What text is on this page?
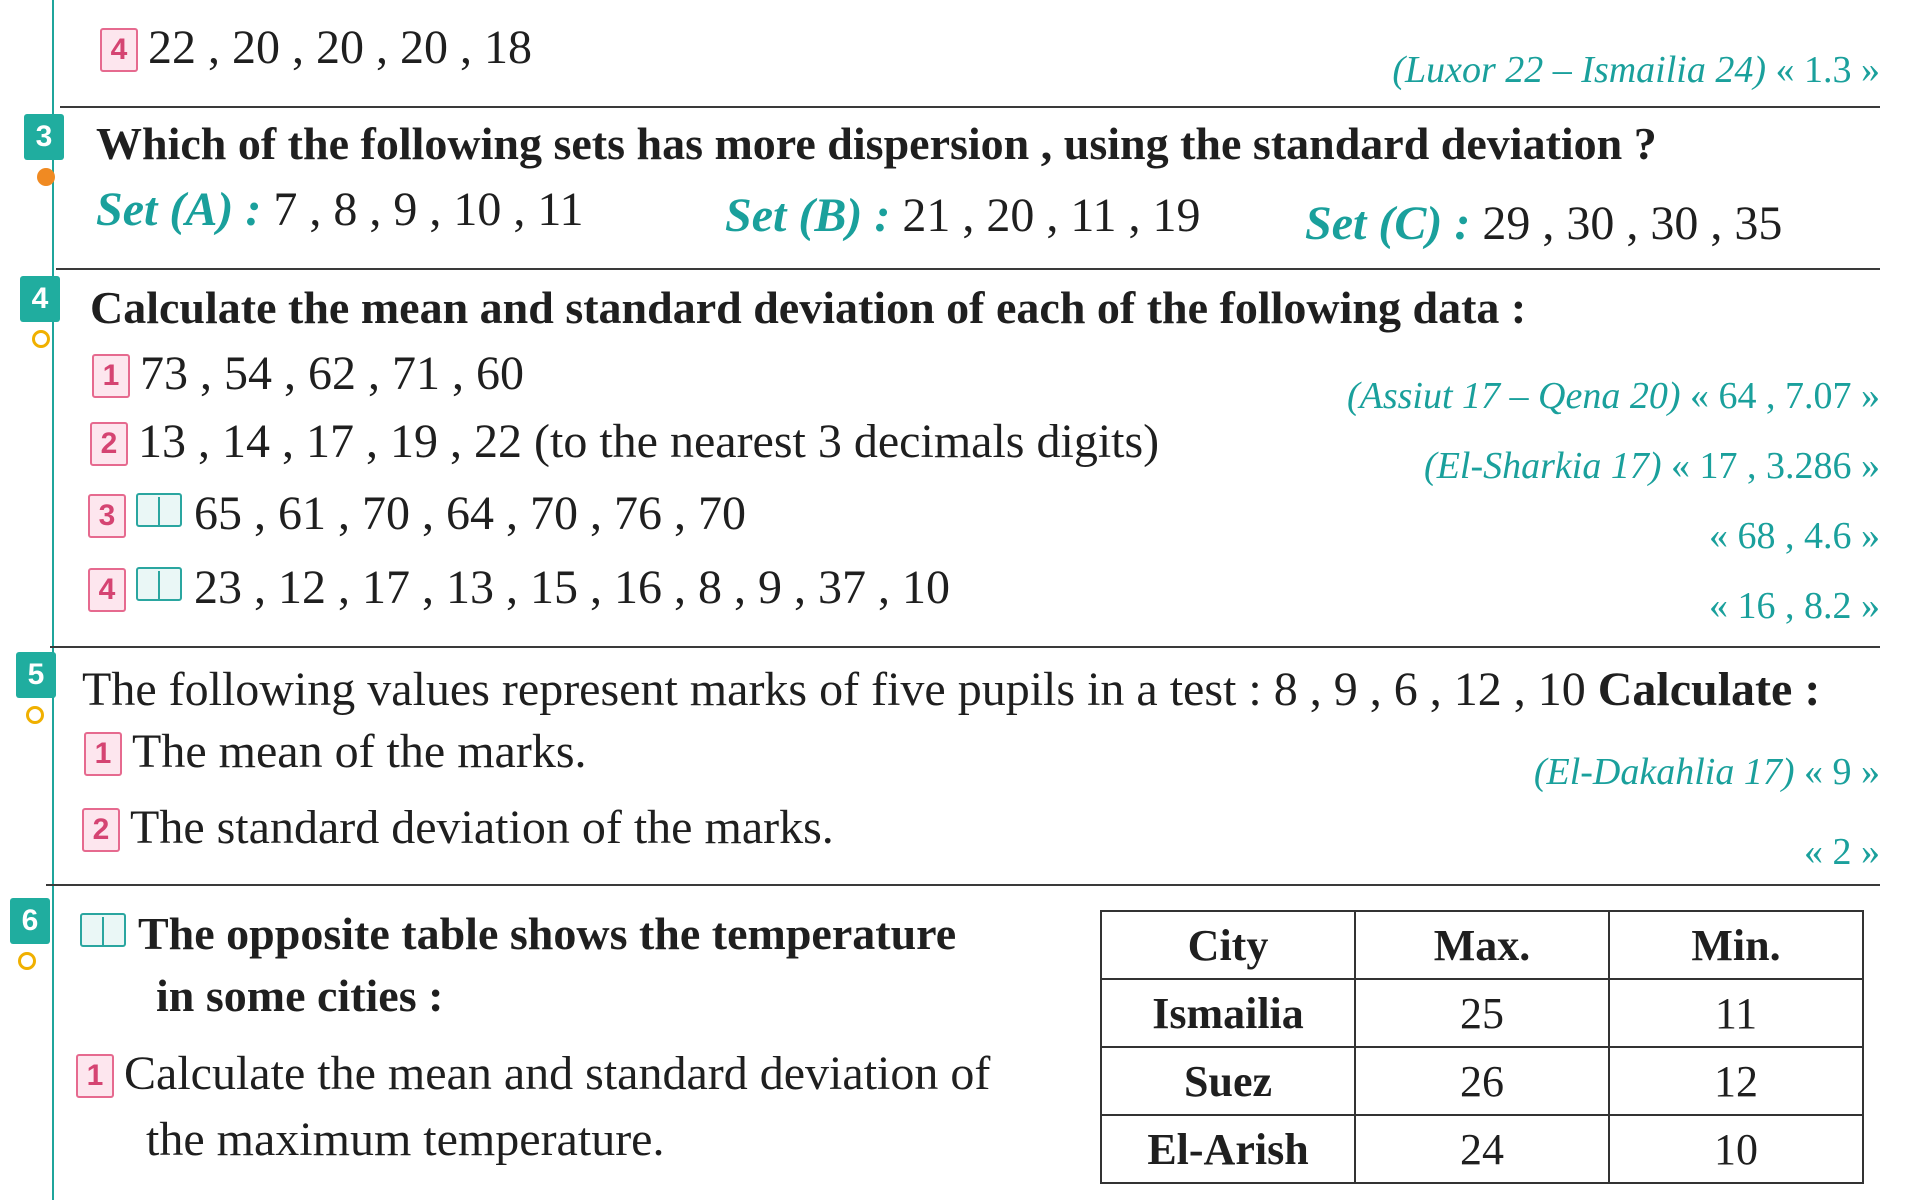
4 22 , 20 , 20 , 20 , 18	(Luxor 22 – Ismailia 24) « 1.3 »
3 Which of the following sets has more dispersion , using the standard deviation ?
Set (A) : 7 , 8 , 9 , 10 , 11	Set (B) : 21 , 20 , 11 , 19 Set (C) : 29 , 30 , 30 , 35
4 Calculate the mean and standard deviation of each of the following data :
1 73 , 54 , 62 , 71 , 60	(Assiut 17 – Qena 20) « 64 , 7.07 »
2 13 , 14 , 17 , 19 , 22 (to the nearest 3 decimals digits)	(El-Sharkia 17) « 17 , 3.286 »
3 65 , 61 , 70 , 64 , 70 , 76 , 70	« 68 , 4.6 »
4 23 , 12 , 17 , 13 , 15 , 16 , 8 , 9 , 37 , 10	« 16 , 8.2 »
5 The following values represent marks of five pupils in a test : 8 , 9 , 6 , 12 , 10 Calculate :
1 The mean of the marks.	(El-Dakahlia 17) « 9 »
2 The standard deviation of the marks.	« 2 »
6	The opposite table shows the temperature
in some cities :
1 Calculate the mean and standard deviation of
the maximum temperature.
City	Max.	Min.
Ismailia	25	11
Suez	26	12
El-Arish	24	10
